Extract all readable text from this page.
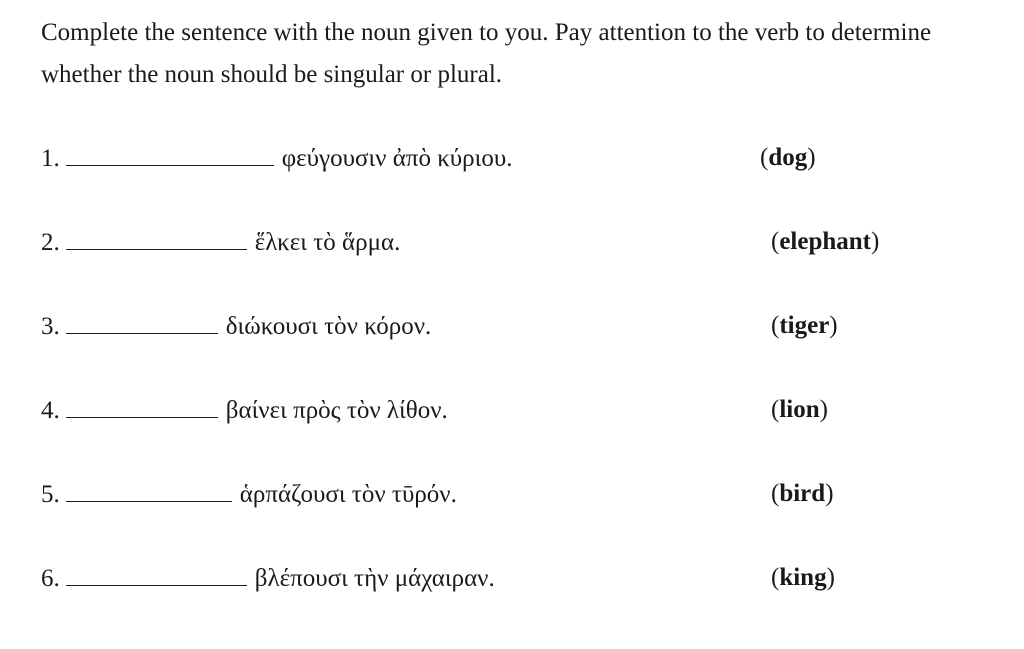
Complete the sentence with the noun given to you. Pay attention to the verb to determine whether the noun should be singular or plural.

1.	φεύγουσιν ἀπὸ κύριου.	(dog)
2.	ἕλκει τὸ ἅρμα.	(elephant)
3.	διώκουσι τὸν κόρον.	(tiger)
4.	βαίνει πρὸς τὸν λίθον.	(lion)
5.	ἁρπάζουσι τὸν τῡρόν.	(bird)
6.	βλέπουσι τὴν μάχαιραν.	(king)
